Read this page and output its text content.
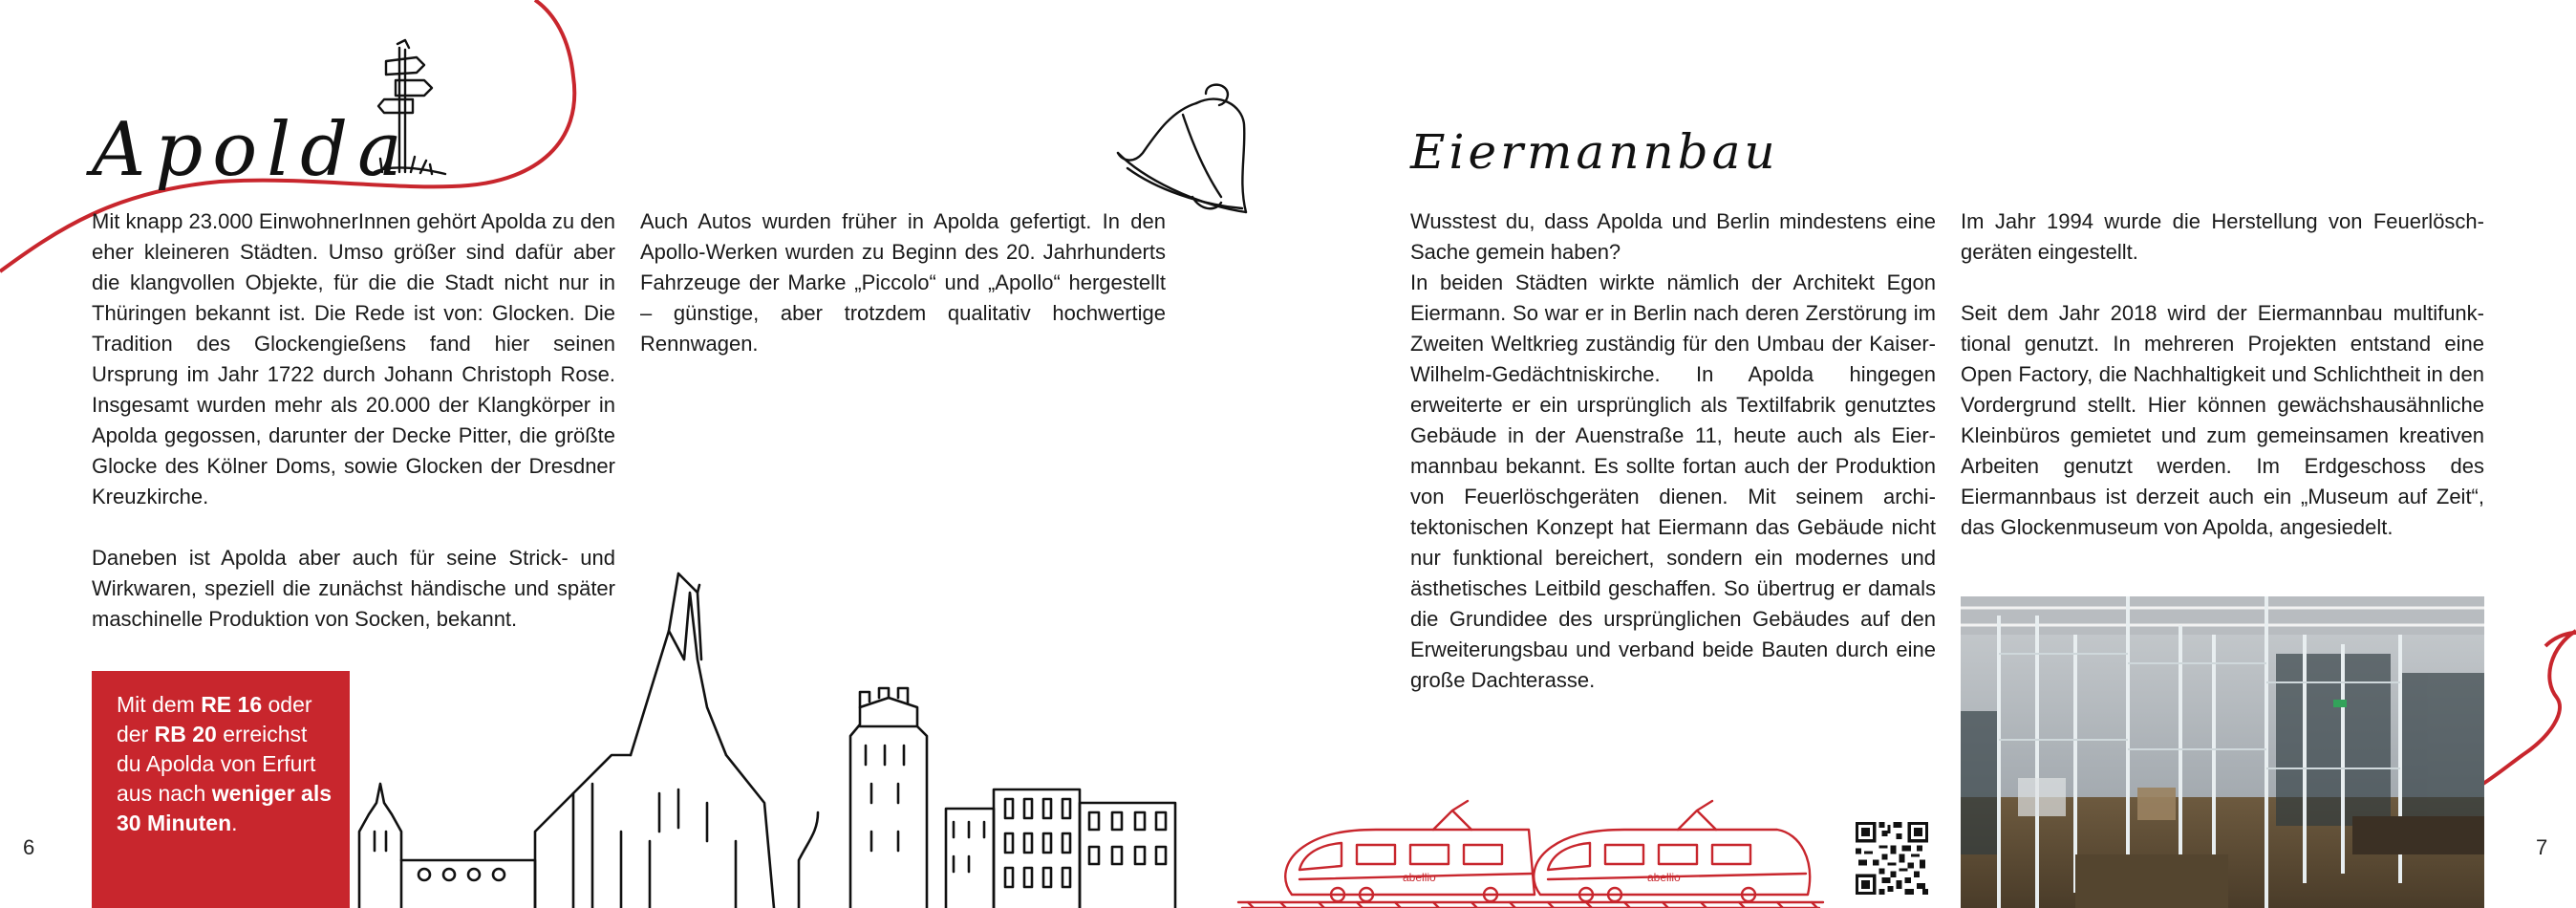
Apolda

Mit knapp 23.000 EinwohnerInnen gehört Apolda zu den eher kleineren Städten. Umso größer sind dafür aber die klangvollen Objekte, für die die Stadt nicht nur in Thüringen bekannt ist. Die Rede ist von: Glocken. Die Tradition des Glockengießens fand hier seinen Ursprung im Jahr 1722 durch Johann Christoph Rose. Insgesamt wurden mehr als 20.000 der Klangkörper in Apolda gegossen, darunter der Decke Pitter, die größte Glocke des Kölner Doms, sowie Glocken der Dresdner Kreuzkirche.

Daneben ist Apolda aber auch für seine Strick- und Wirkwaren, speziell die zunächst händische und später maschinelle Produktion von Socken, bekannt.

Auch Autos wurden früher in Apolda gefertigt. In den Apollo-Werken wurden zu Beginn des 20. Jahrhunderts Fahrzeuge der Marke „Piccolo“ und „Apollo“ hergestellt – günstige, aber trotzdem qualitativ hochwertige Rennwagen.

Mit dem RE 16 oder der RB 20 erreichst du Apolda von Erfurt aus nach weniger als 30 Minuten.
6
Eiermannbau

Wusstest du, dass Apolda und Berlin mindestens eine Sache gemein haben?

In beiden Städten wirkte nämlich der Architekt Egon Eiermann. So war er in Berlin nach deren Zerstörung im Zweiten Weltkrieg zuständig für den Umbau der Kaiser-Wilhelm-Gedächtniskirche. In Apolda hingegen erweiterte er ein ursprünglich als Textilfabrik genutztes Gebäude in der Auenstraße 11, heute auch als Eiermannbau bekannt. Es sollte fortan auch der Produktion von Feuerlöschgeräten dienen. Mit seinem architektonischen Konzept hat Eiermann das Gebäude nicht nur funktional bereichert, sondern ein modernes und ästhetisches Leitbild geschaffen. So übertrug er damals die Grundidee des ursprünglichen Gebäudes auf den Erweiterungsbau und verband beide Bauten durch eine große Dachterasse.

Im Jahr 1994 wurde die Herstellung von Feuerlöschgeräten eingestellt.

Seit dem Jahr 2018 wird der Eiermannbau multifunktional genutzt. In mehreren Projekten entstand eine Open Factory, die Nachhaltigkeit und Schlichtheit in den Vordergrund stellt. Hier können gewächshausähnliche Kleinbüros gemietet und zum gemeinsamen kreativen Arbeiten genutzt werden. Im Erdgeschoss des Eiermannbaus ist derzeit auch ein „Museum auf Zeit“, das Glockenmuseum von Apolda, angesiedelt.

abellio	abellio
7
